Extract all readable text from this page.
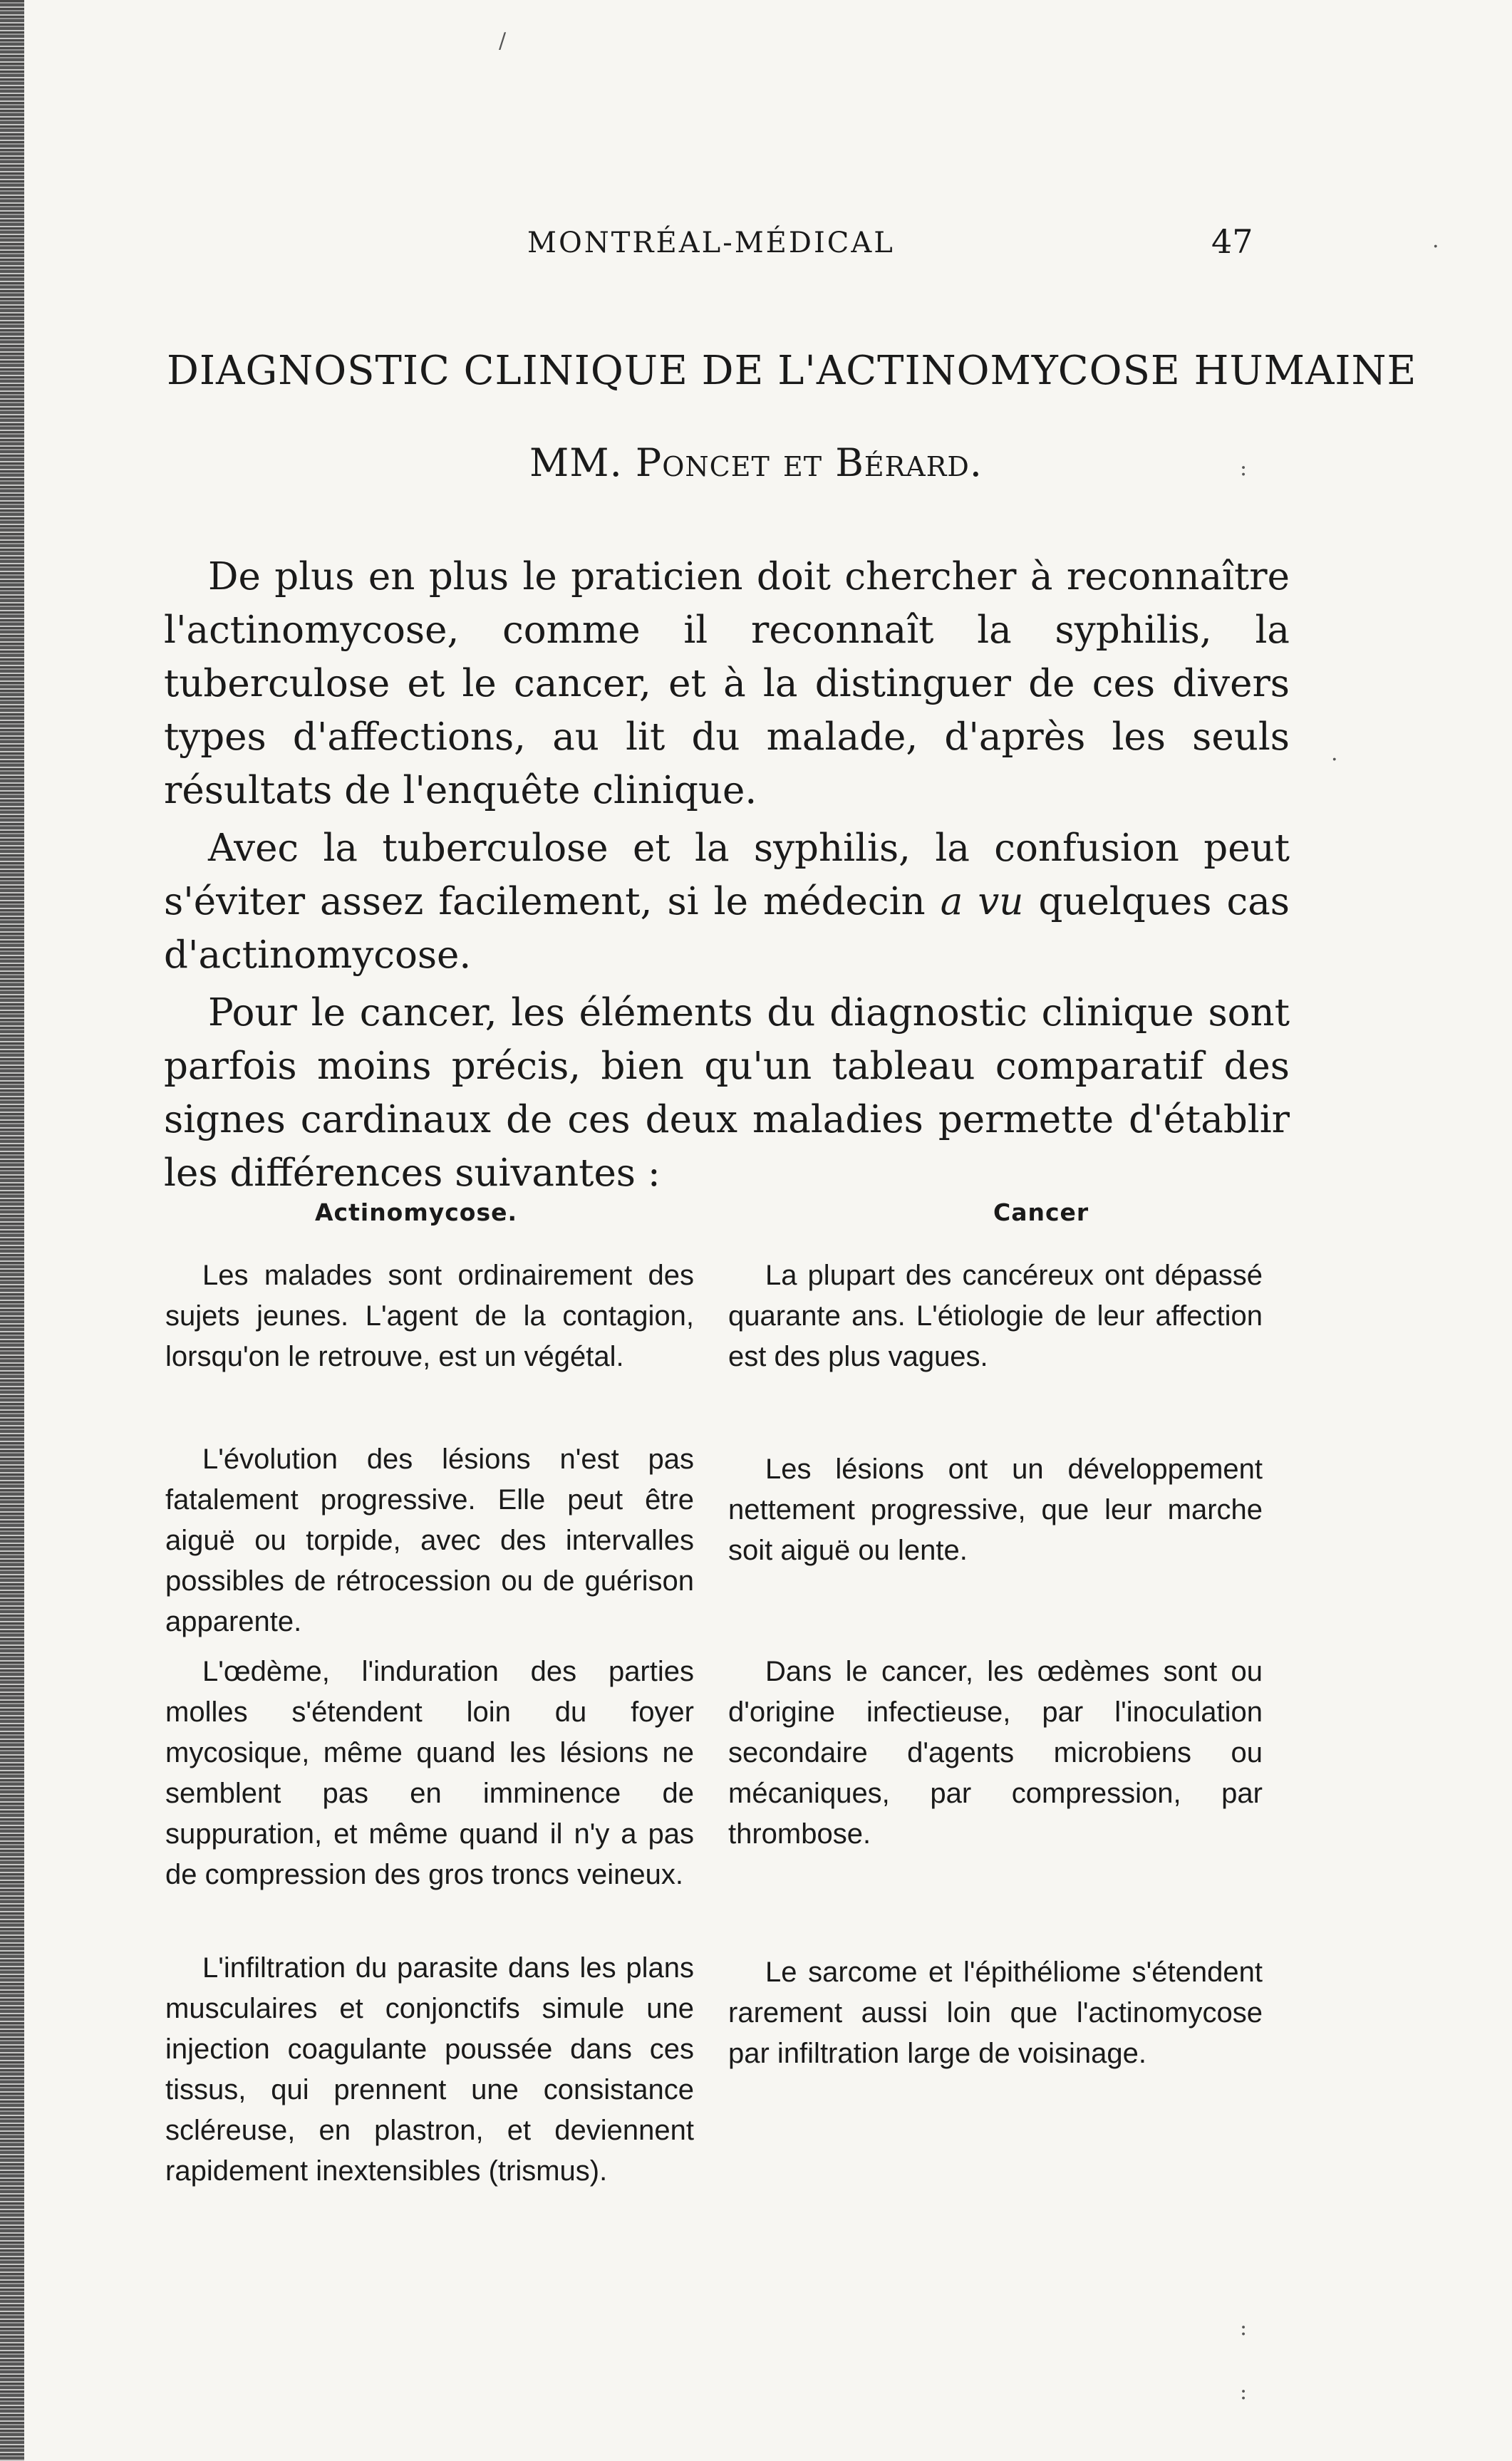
MONTRÉAL-MÉDICAL	47
DIAGNOSTIC CLINIQUE DE L'ACTINOMYCOSE HUMAINE
MM. Poncet et Bérard.

De plus en plus le praticien doit chercher à reconnaître l'actinomycose, comme il reconnaît la syphilis, la tuberculose et le cancer, et à la distinguer de ces divers types d'affections, au lit du malade, d'après les seuls résultats de l'enquête clinique.

Avec la tuberculose et la syphilis, la confusion peut s'éviter assez facilement, si le médecin a vu quelques cas d'actinomycose.

Pour le cancer, les éléments du diagnostic clinique sont parfois moins précis, bien qu'un tableau comparatif des signes cardinaux de ces deux maladies permette d'établir les différences suivantes :

Actinomycose.	Cancer

Les malades sont ordinairement des sujets jeunes. L'agent de la contagion, lorsqu'on le retrouve, est un végétal.

La plupart des cancéreux ont dépassé quarante ans. L'étiologie de leur affection est des plus vagues.

L'évolution des lésions n'est pas fatalement progressive. Elle peut être aiguë ou torpide, avec des intervalles possibles de rétrocession ou de guérison apparente.

Les lésions ont un développement nettement progressive, que leur marche soit aiguë ou lente.

L'œdème, l'induration des parties molles s'étendent loin du foyer mycosique, même quand les lésions ne semblent pas en imminence de suppuration, et même quand il n'y a pas de compression des gros troncs veineux.

Dans le cancer, les œdèmes sont ou d'origine infectieuse, par l'inoculation secondaire d'agents microbiens ou mécaniques, par compression, par thrombose.

L'infiltration du parasite dans les plans musculaires et conjonctifs simule une injection coagulante poussée dans ces tissus, qui prennent une consistance scléreuse, en plastron, et deviennent rapidement inextensibles (trismus).

Le sarcome et l'épithéliome s'étendent rarement aussi loin que l'actinomycose par infiltration large de voisinage.

/
.
:
.
:
:
